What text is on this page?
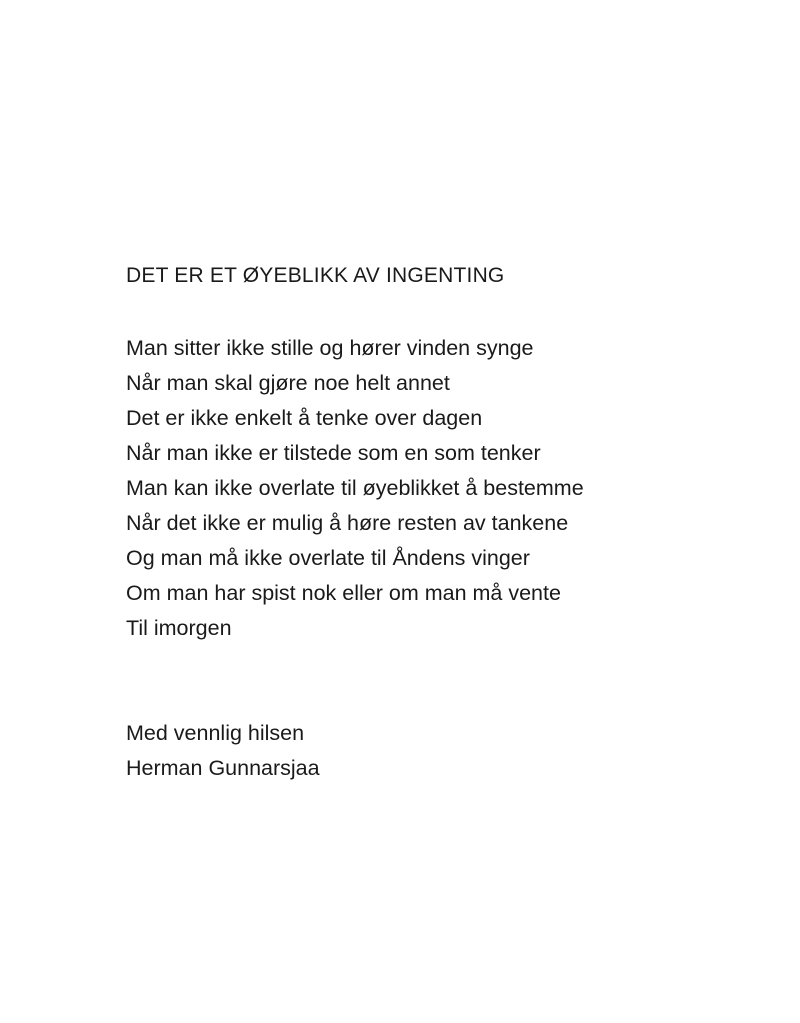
DET ER ET ØYEBLIKK AV INGENTING
Man sitter ikke stille og hører vinden synge
Når man skal gjøre noe helt annet
Det er ikke enkelt å tenke over dagen
Når man ikke er tilstede som en som tenker
Man kan ikke overlate til øyeblikket å bestemme
Når det ikke er mulig å høre resten av tankene
Og man må ikke overlate til Åndens vinger
Om man har spist nok eller om man må vente
Til imorgen
Med vennlig hilsen
Herman Gunnarsjaa
